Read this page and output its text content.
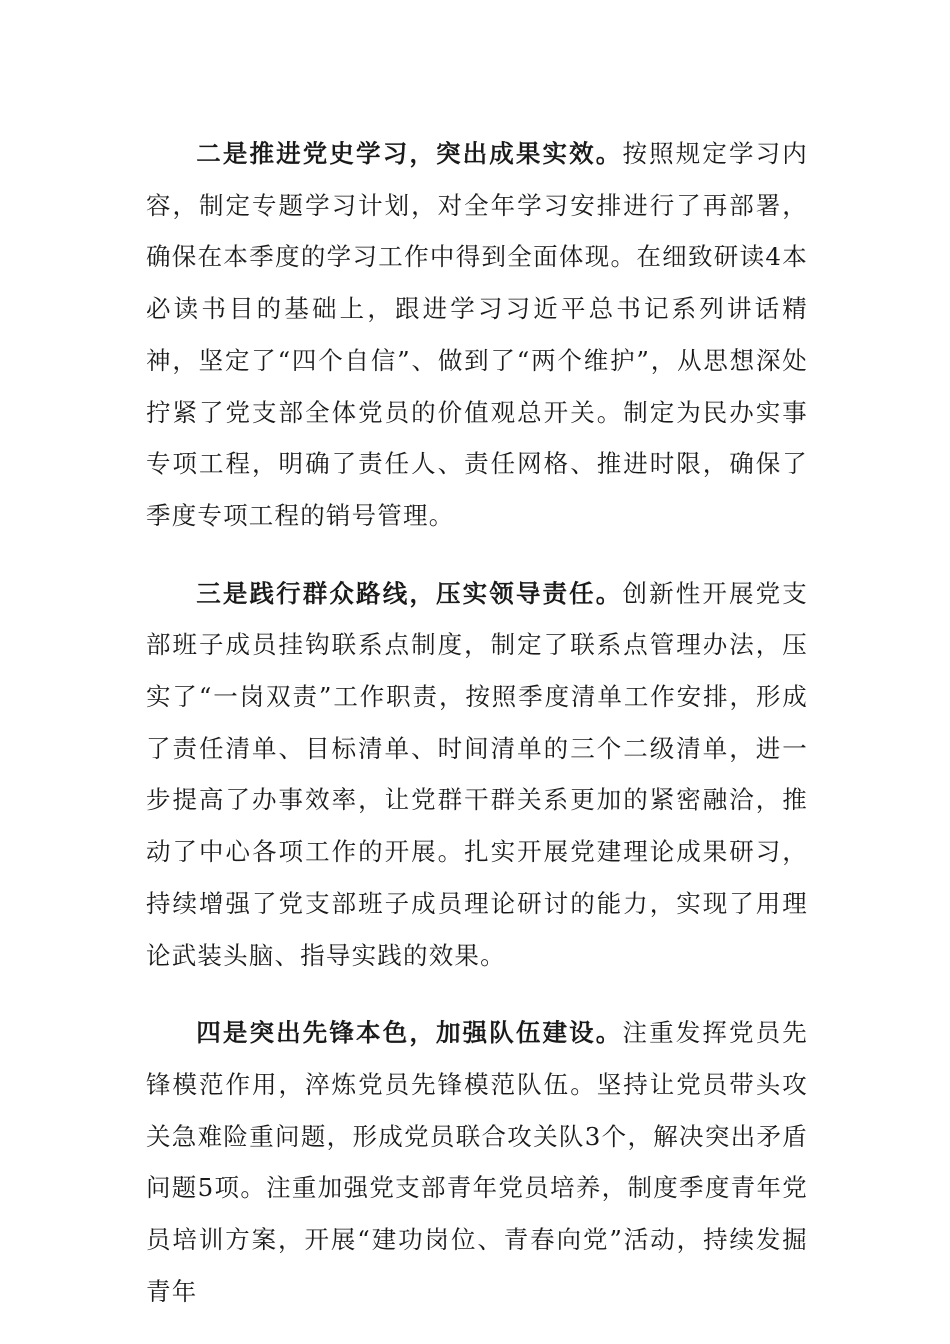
二是推进党史学习，突出成果实效。按照规定学习内容，制定专题学习计划，对全年学习安排进行了再部署，确保在本季度的学习工作中得到全面体现。在细致研读4本必读书目的基础上，跟进学习习近平总书记系列讲话精神，坚定了“四个自信”、做到了“两个维护”，从思想深处拧紧了党支部全体党员的价值观总开关。制定为民办实事专项工程，明确了责任人、责任网格、推进时限，确保了季度专项工程的销号管理。

三是践行群众路线，压实领导责任。创新性开展党支部班子成员挂钩联系点制度，制定了联系点管理办法，压实了“一岗双责”工作职责，按照季度清单工作安排，形成了责任清单、目标清单、时间清单的三个二级清单，进一步提高了办事效率，让党群干群关系更加的紧密融洽，推动了中心各项工作的开展。扎实开展党建理论成果研习，持续增强了党支部班子成员理论研讨的能力，实现了用理论武装头脑、指导实践的效果。

四是突出先锋本色，加强队伍建设。注重发挥党员先锋模范作用，淬炼党员先锋模范队伍。坚持让党员带头攻关急难险重问题，形成党员联合攻关队3个，解决突出矛盾问题5项。注重加强党支部青年党员培养，制度季度青年党员培训方案，开展“建功岗位、青春向党”活动，持续发掘青年
